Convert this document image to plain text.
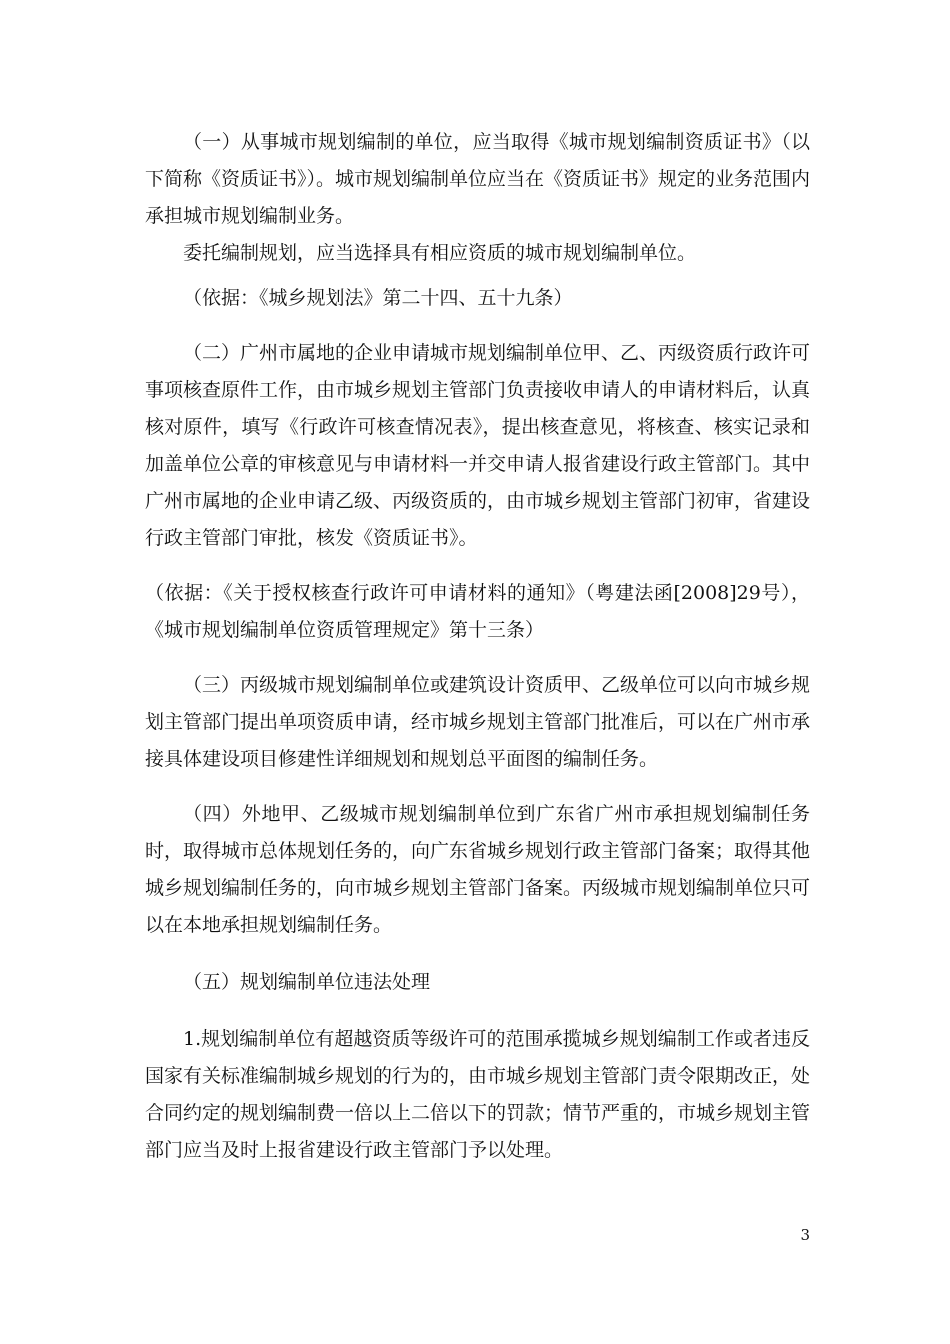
（一）从事城市规划编制的单位，应当取得《城市规划编制资质证书》（以下简称《资质证书》）。城市规划编制单位应当在《资质证书》规定的业务范围内承担城市规划编制业务。

委托编制规划，应当选择具有相应资质的城市规划编制单位。

（依据：《城乡规划法》第二十四、五十九条）

（二）广州市属地的企业申请城市规划编制单位甲、乙、丙级资质行政许可事项核查原件工作，由市城乡规划主管部门负责接收申请人的申请材料后，认真核对原件，填写《行政许可核查情况表》，提出核查意见，将核查、核实记录和加盖单位公章的审核意见与申请材料一并交申请人报省建设行政主管部门。其中广州市属地的企业申请乙级、丙级资质的，由市城乡规划主管部门初审，省建设行政主管部门审批，核发《资质证书》。

（依据：《关于授权核查行政许可申请材料的通知》（粤建法函[2008]29号），《城市规划编制单位资质管理规定》第十三条）

（三）丙级城市规划编制单位或建筑设计资质甲、乙级单位可以向市城乡规划主管部门提出单项资质申请，经市城乡规划主管部门批准后，可以在广州市承接具体建设项目修建性详细规划和规划总平面图的编制任务。

（四）外地甲、乙级城市规划编制单位到广东省广州市承担规划编制任务时，取得城市总体规划任务的，向广东省城乡规划行政主管部门备案；取得其他城乡规划编制任务的，向市城乡规划主管部门备案。丙级城市规划编制单位只可以在本地承担规划编制任务。

（五）规划编制单位违法处理

1.规划编制单位有超越资质等级许可的范围承揽城乡规划编制工作或者违反国家有关标准编制城乡规划的行为的，由市城乡规划主管部门责令限期改正，处合同约定的规划编制费一倍以上二倍以下的罚款；情节严重的，市城乡规划主管部门应当及时上报省建设行政主管部门予以处理。

3
